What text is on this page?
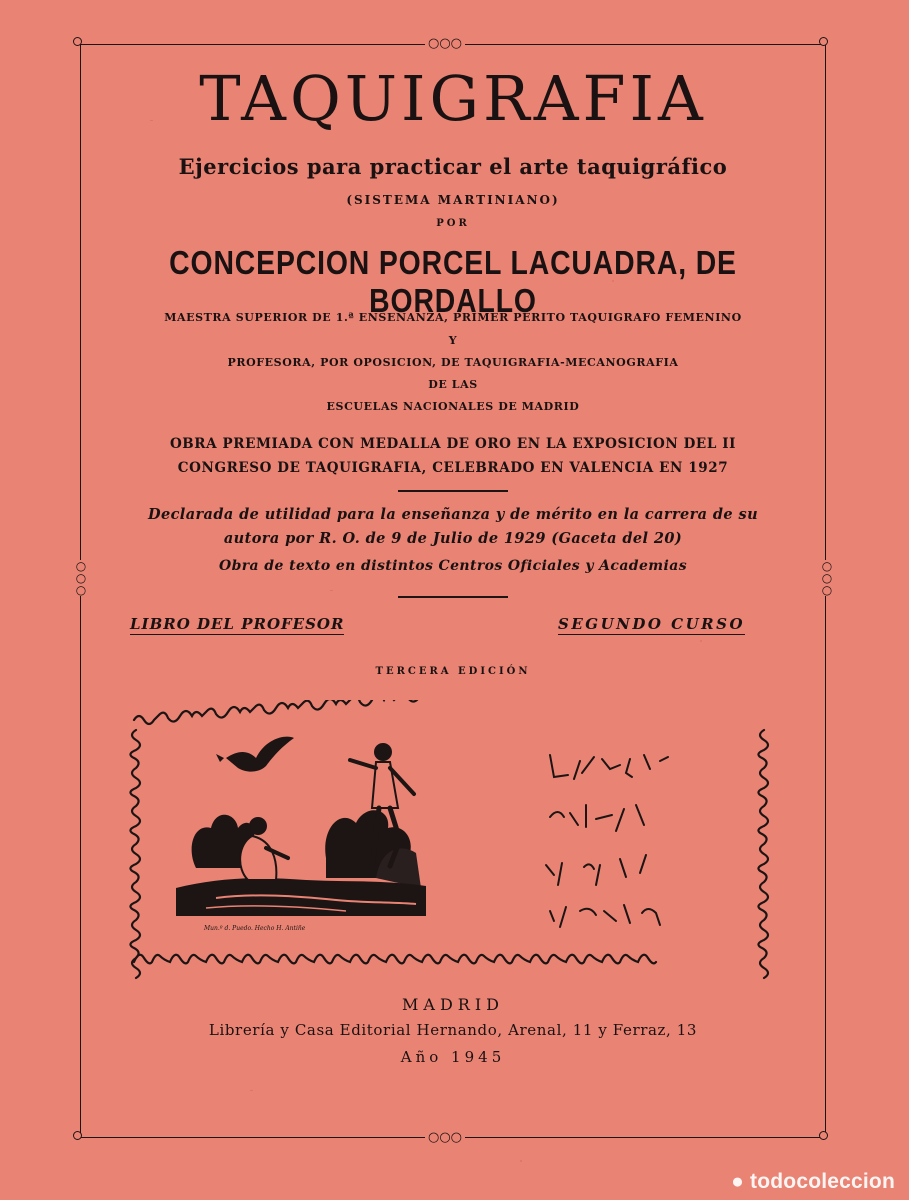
○○○
○○○
○
○
○
○
○
○
TAQUIGRAFIA
Ejercicios para practicar el arte taquigráfico
(SISTEMA MARTINIANO)
POR
CONCEPCION PORCEL LACUADRA, DE BORDALLO
MAESTRA SUPERIOR DE 1.ª ENSEÑANZA, PRIMER PERITO TAQUIGRAFO FEMENINO
Y
PROFESORA, POR OPOSICION, DE TAQUIGRAFIA-MECANOGRAFIA
DE LAS
ESCUELAS NACIONALES DE MADRID
OBRA PREMIADA CON MEDALLA DE ORO EN LA EXPOSICION DEL II
CONGRESO DE TAQUIGRAFIA, CELEBRADO EN VALENCIA EN 1927
Declarada de utilidad para la enseñanza y de mérito en la carrera de su
autora por R. O. de 9 de Julio de 1929 (Gaceta del 20)
Obra de texto en distintos Centros Oficiales y Academias
LIBRO DEL PROFESOR	SEGUNDO CURSO
TERCERA EDICIÓN
Mun.º d. Puedo. Hecho H. Antiñe
MADRID
Librería y Casa Editorial Hernando, Arenal, 11 y Ferraz, 13
Año 1945
● todocoleccion
